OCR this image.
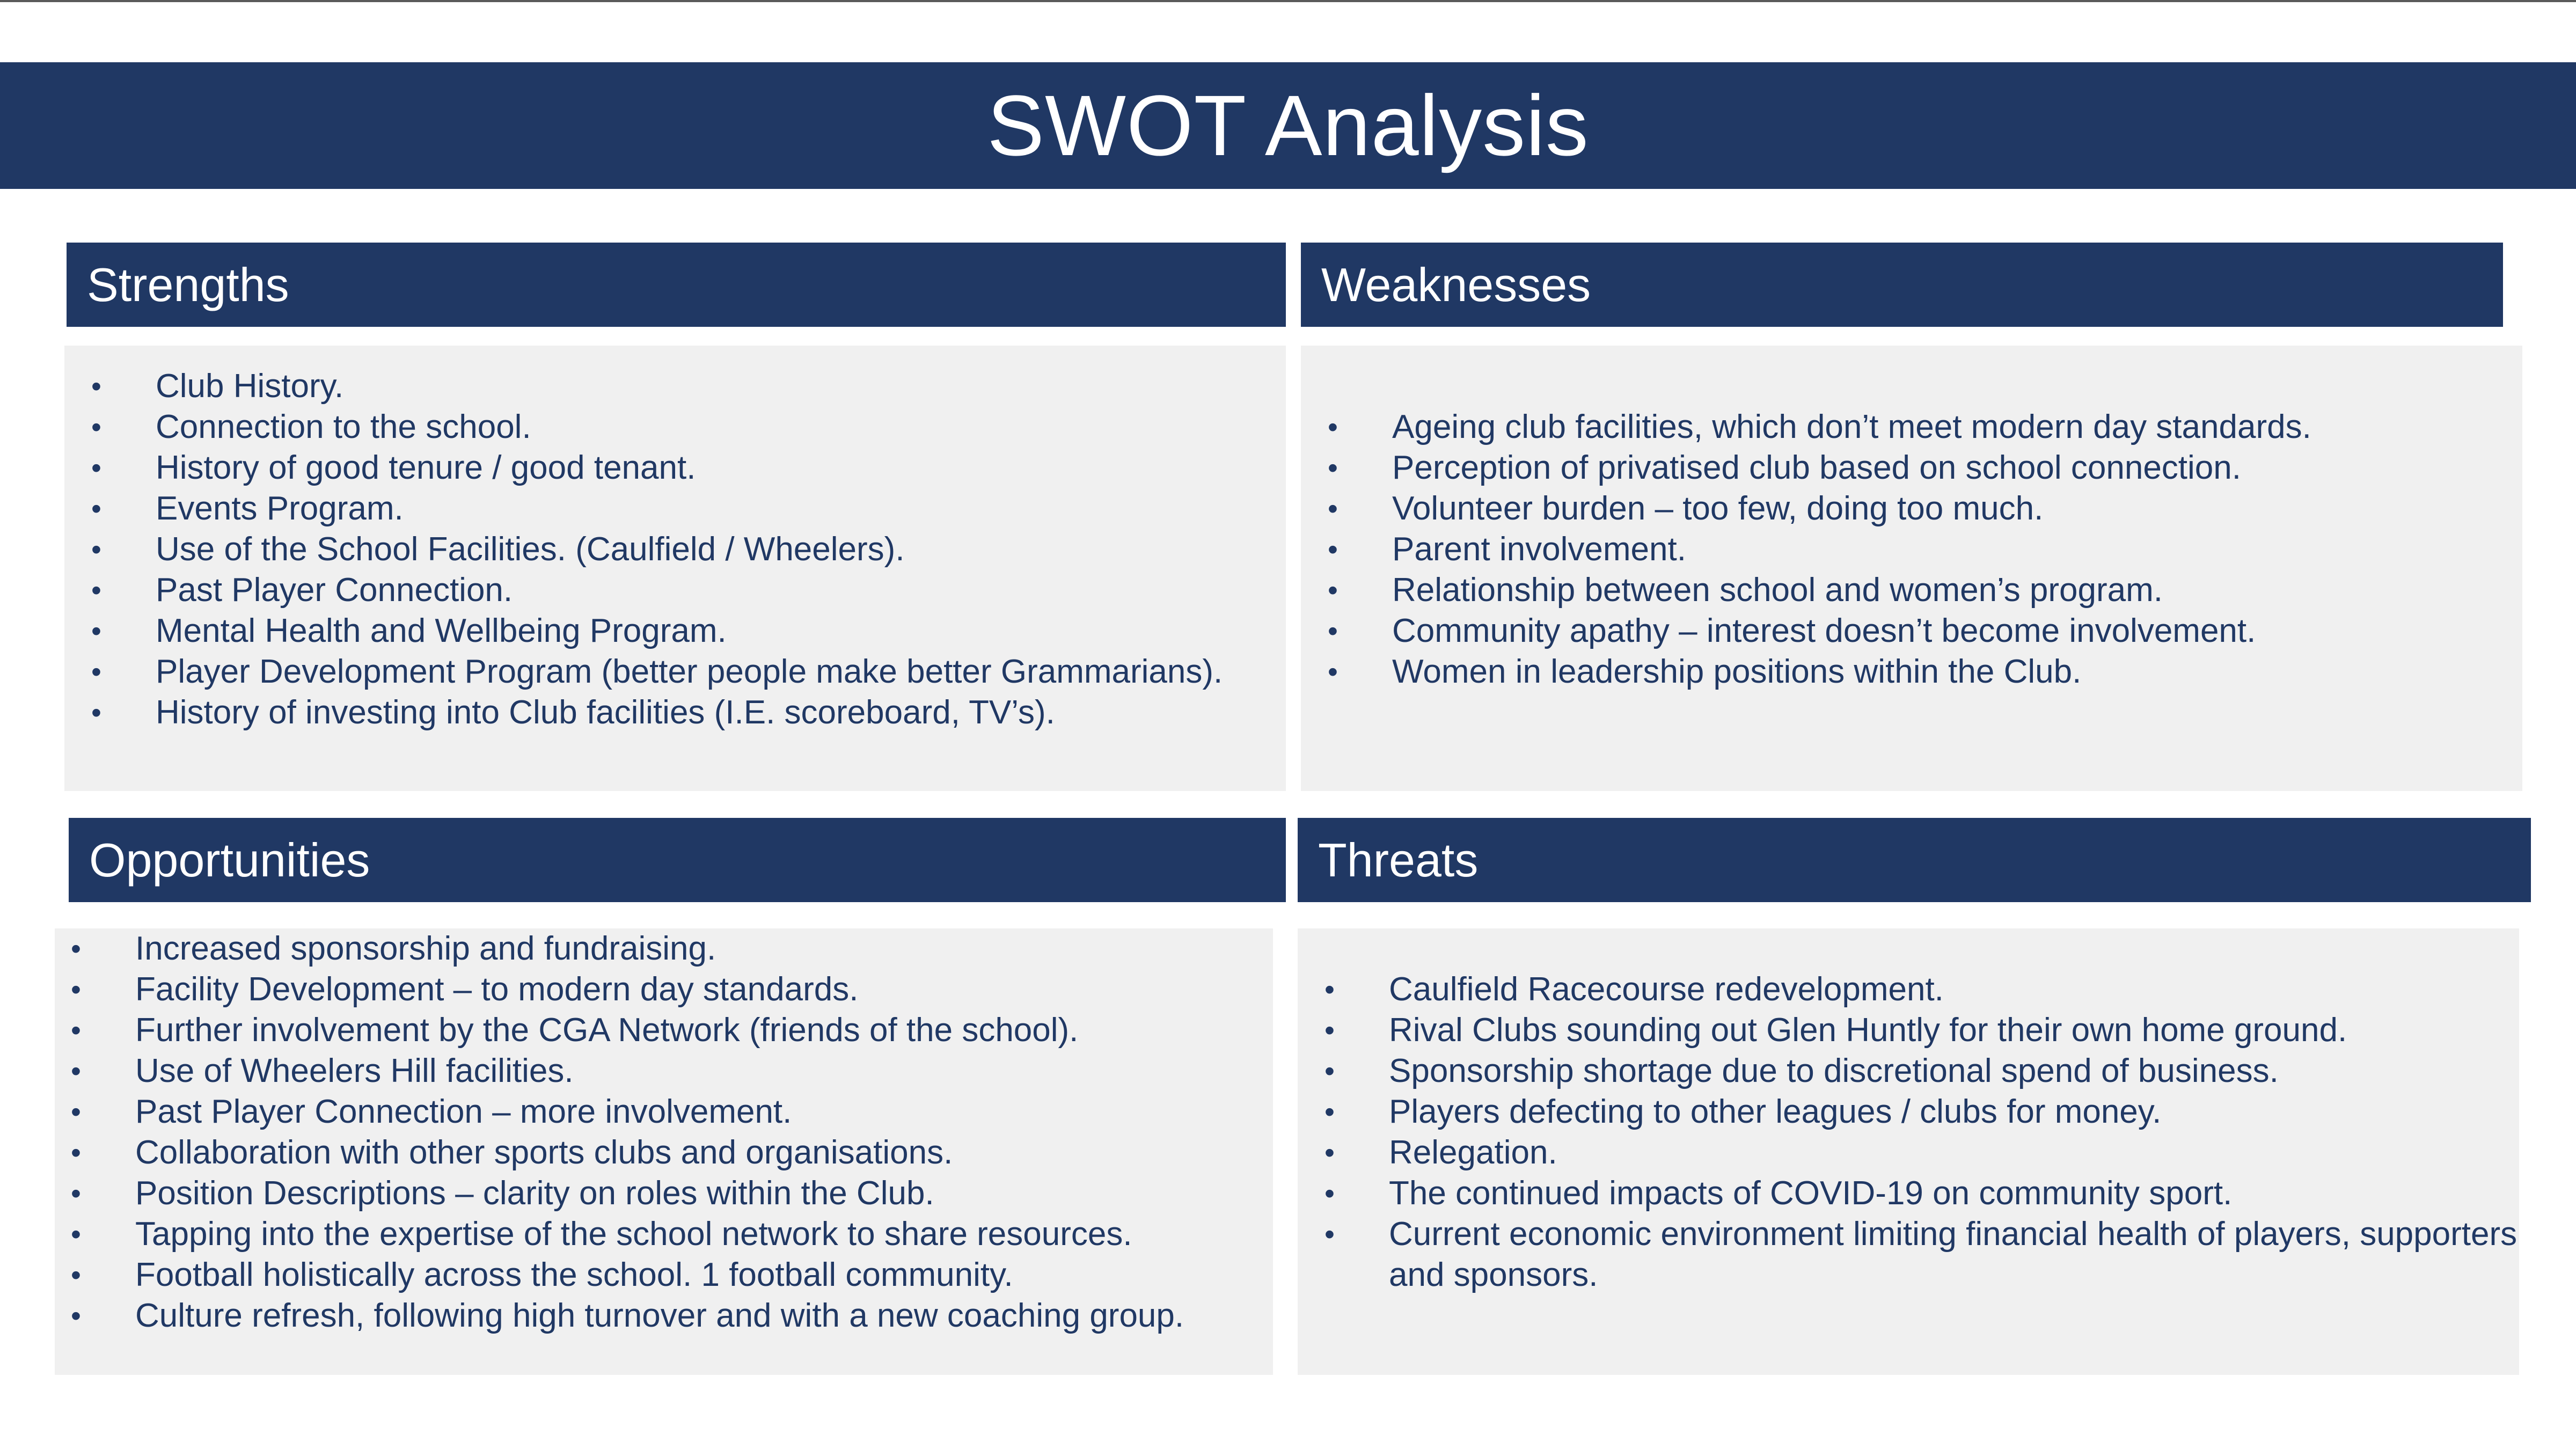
SWOT Analysis
Strengths
• Club History.
• Connection to the school.
• History of good tenure / good tenant.
• Events Program.
• Use of the School Facilities. (Caulfield / Wheelers).
• Past Player Connection.
• Mental Health and Wellbeing Program.
• Player Development Program (better people make better Grammarians).
• History of investing into Club facilities (I.E. scoreboard, TV’s).
Weaknesses
• Ageing club facilities, which don’t meet modern day standards.
• Perception of privatised club based on school connection.
• Volunteer burden – too few, doing too much.
• Parent involvement.
• Relationship between school and women’s program.
• Community apathy – interest doesn’t become involvement.
• Women in leadership positions within the Club.
Opportunities
• Increased sponsorship and fundraising.
• Facility Development – to modern day standards.
• Further involvement by the CGA Network (friends of the school).
• Use of Wheelers Hill facilities.
• Past Player Connection – more involvement.
• Collaboration with other sports clubs and organisations.
• Position Descriptions – clarity on roles within the Club.
• Tapping into the expertise of the school network to share resources.
• Football holistically across the school. 1 football community.
• Culture refresh, following high turnover and with a new coaching group.
Threats
• Caulfield Racecourse redevelopment.
• Rival Clubs sounding out Glen Huntly for their own home ground.
• Sponsorship shortage due to discretional spend of business.
• Players defecting to other leagues / clubs for money.
• Relegation.
• The continued impacts of COVID-19 on community sport.
• Current economic environment limiting financial health of players, supporters and sponsors.
